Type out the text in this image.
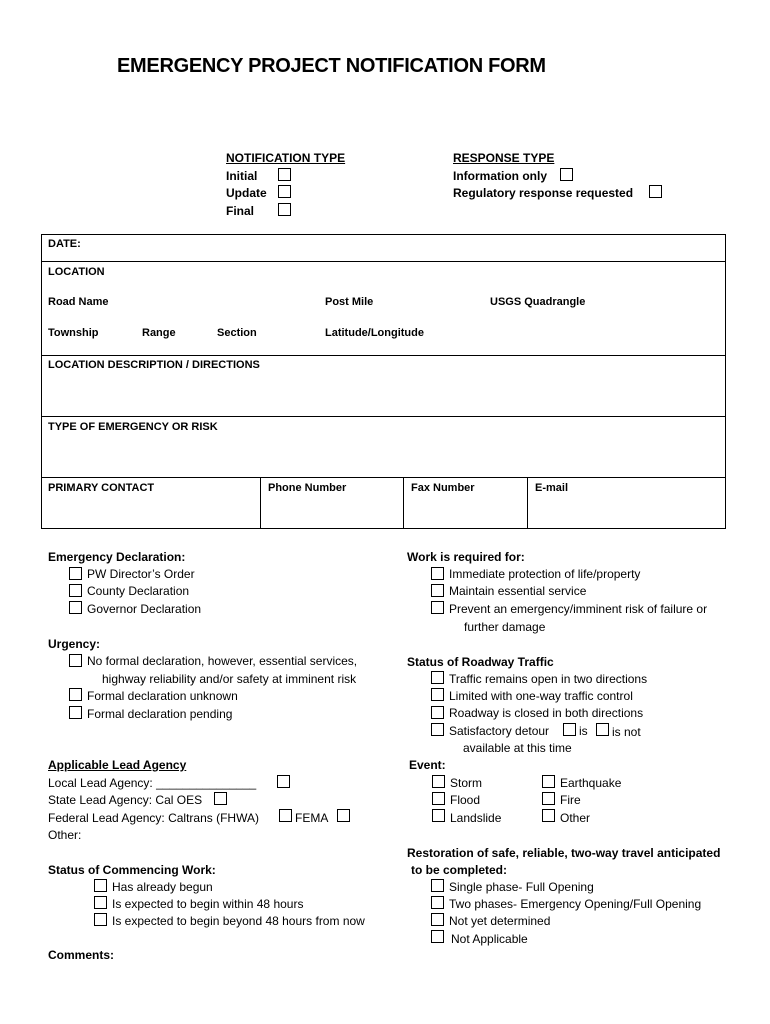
EMERGENCY PROJECT NOTIFICATION FORM
NOTIFICATION TYPE
Initial
Update
Final
RESPONSE TYPE
Information only
Regulatory response requested
DATE:
LOCATION
Road Name	Post Mile	USGS Quadrangle
Township	Range	Section	Latitude/Longitude
LOCATION DESCRIPTION / DIRECTIONS
TYPE OF EMERGENCY OR RISK
PRIMARY CONTACT	Phone Number	Fax Number	E-mail
Emergency Declaration:
PW Director’s Order
County Declaration
Governor Declaration
Urgency:
No formal declaration, however, essential services,
highway reliability and/or safety at imminent risk
Formal declaration unknown
Formal declaration pending
Applicable Lead Agency
Local Lead Agency: _______________
State Lead Agency: Cal OES
Federal Lead Agency: Caltrans (FHWA)	FEMA
Other:
Status of Commencing Work:
Has already begun
Is expected to begin within 48 hours
Is expected to begin beyond 48 hours from now
Comments:
Work is required for:
Immediate protection of life/property
Maintain essential service
Prevent an emergency/imminent risk of failure or
further damage
Status of Roadway Traffic
Traffic remains open in two directions
Limited with one-way traffic control
Roadway is closed in both directions
Satisfactory detour is is not
available at this time
Event:
Storm
Flood
Landslide
Earthquake
Fire
Other
Restoration of safe, reliable, two-way travel anticipated
to be completed:
Single phase- Full Opening
Two phases- Emergency Opening/Full Opening
Not yet determined
Not Applicable
